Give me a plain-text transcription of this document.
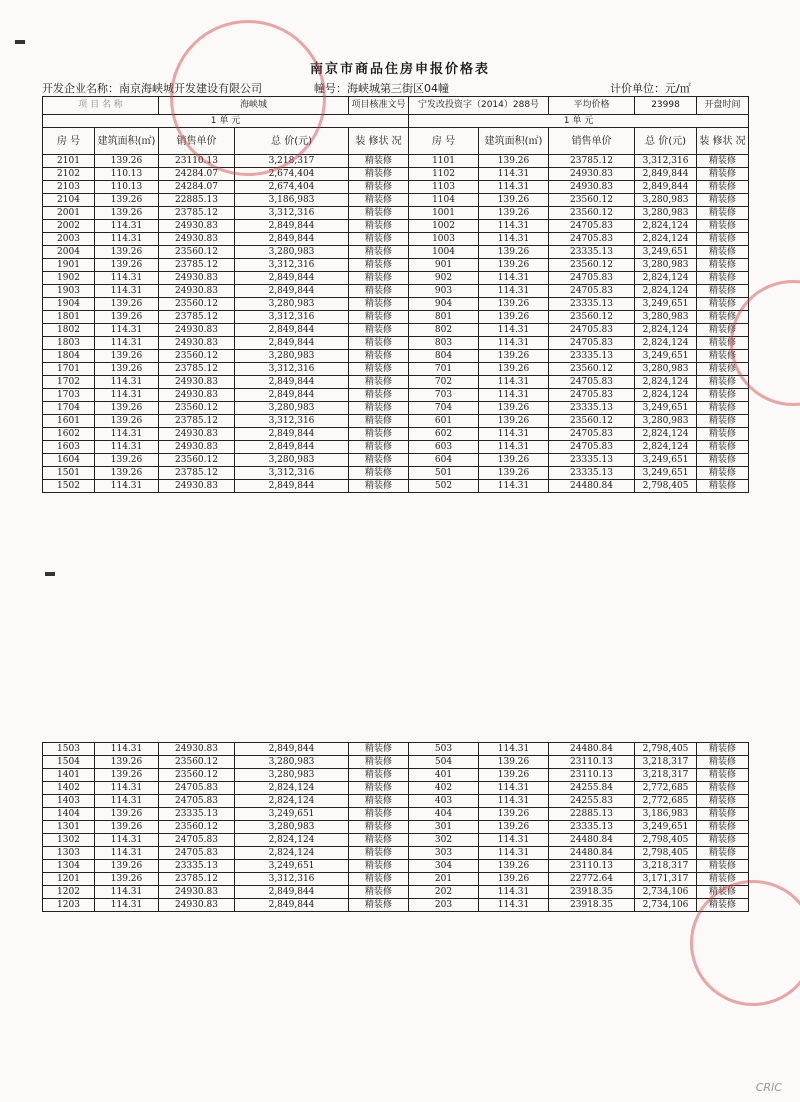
南京市商品住房申报价格表
开发企业名称：南京海峡城开发建设有限公司	幢号：海峡城第三街区04幢	计价单位：元/㎡
项 目 名 称		海峡城		项目核准文号	宁发改投资字（2014）288号		平均价格	23998	开盘时间
1 单 元					1 单 元				
房 号	建筑面积(㎡)	销售单价	总 价(元)	装 修状 况	房 号	建筑面积(㎡)	销售单价	总 价(元)	装 修状 况
2101	139.26	23110.13	3,218,317	精装修	1101	139.26	23785.12	3,312,316	精装修
2102	110.13	24284.07	2,674,404	精装修	1102	114.31	24930.83	2,849,844	精装修
2103	110.13	24284.07	2,674,404	精装修	1103	114.31	24930.83	2,849,844	精装修
2104	139.26	22885.13	3,186,983	精装修	1104	139.26	23560.12	3,280,983	精装修
2001	139.26	23785.12	3,312,316	精装修	1001	139.26	23560.12	3,280,983	精装修
2002	114.31	24930.83	2,849,844	精装修	1002	114.31	24705.83	2,824,124	精装修
2003	114.31	24930.83	2,849,844	精装修	1003	114.31	24705.83	2,824,124	精装修
2004	139.26	23560.12	3,280,983	精装修	1004	139.26	23335.13	3,249,651	精装修
1901	139.26	23785.12	3,312,316	精装修	901	139.26	23560.12	3,280,983	精装修
1902	114.31	24930.83	2,849,844	精装修	902	114.31	24705.83	2,824,124	精装修
1903	114.31	24930.83	2,849,844	精装修	903	114.31	24705.83	2,824,124	精装修
1904	139.26	23560.12	3,280,983	精装修	904	139.26	23335.13	3,249,651	精装修
1801	139.26	23785.12	3,312,316	精装修	801	139.26	23560.12	3,280,983	精装修
1802	114.31	24930.83	2,849,844	精装修	802	114.31	24705.83	2,824,124	精装修
1803	114.31	24930.83	2,849,844	精装修	803	114.31	24705.83	2,824,124	精装修
1804	139.26	23560.12	3,280,983	精装修	804	139.26	23335.13	3,249,651	精装修
1701	139.26	23785.12	3,312,316	精装修	701	139.26	23560.12	3,280,983	精装修
1702	114.31	24930.83	2,849,844	精装修	702	114.31	24705.83	2,824,124	精装修
1703	114.31	24930.83	2,849,844	精装修	703	114.31	24705.83	2,824,124	精装修
1704	139.26	23560.12	3,280,983	精装修	704	139.26	23335.13	3,249,651	精装修
1601	139.26	23785.12	3,312,316	精装修	601	139.26	23560.12	3,280,983	精装修
1602	114.31	24930.83	2,849,844	精装修	602	114.31	24705.83	2,824,124	精装修
1603	114.31	24930.83	2,849,844	精装修	603	114.31	24705.83	2,824,124	精装修
1604	139.26	23560.12	3,280,983	精装修	604	139.26	23335.13	3,249,651	精装修
1501	139.26	23785.12	3,312,316	精装修	501	139.26	23335.13	3,249,651	精装修
1502	114.31	24930.83	2,849,844	精装修	502	114.31	24480.84	2,798,405	精装修
1503	114.31	24930.83	2,849,844	精装修	503	114.31	24480.84	2,798,405	精装修
1504	139.26	23560.12	3,280,983	精装修	504	139.26	23110.13	3,218,317	精装修
1401	139.26	23560.12	3,280,983	精装修	401	139.26	23110.13	3,218,317	精装修
1402	114.31	24705.83	2,824,124	精装修	402	114.31	24255.84	2,772,685	精装修
1403	114.31	24705.83	2,824,124	精装修	403	114.31	24255.83	2,772,685	精装修
1404	139.26	23335.13	3,249,651	精装修	404	139.26	22885.13	3,186,983	精装修
1301	139.26	23560.12	3,280,983	精装修	301	139.26	23335.13	3,249,651	精装修
1302	114.31	24705.83	2,824,124	精装修	302	114.31	24480.84	2,798,405	精装修
1303	114.31	24705.83	2,824,124	精装修	303	114.31	24480.84	2,798,405	精装修
1304	139.26	23335.13	3,249,651	精装修	304	139.26	23110.13	3,218,317	精装修
1201	139.26	23785.12	3,312,316	精装修	201	139.26	22772.64	3,171,317	精装修
1202	114.31	24930.83	2,849,844	精装修	202	114.31	23918.35	2,734,106	精装修
1203	114.31	24930.83	2,849,844	精装修	203	114.31	23918.35	2,734,106	精装修
CRIC
